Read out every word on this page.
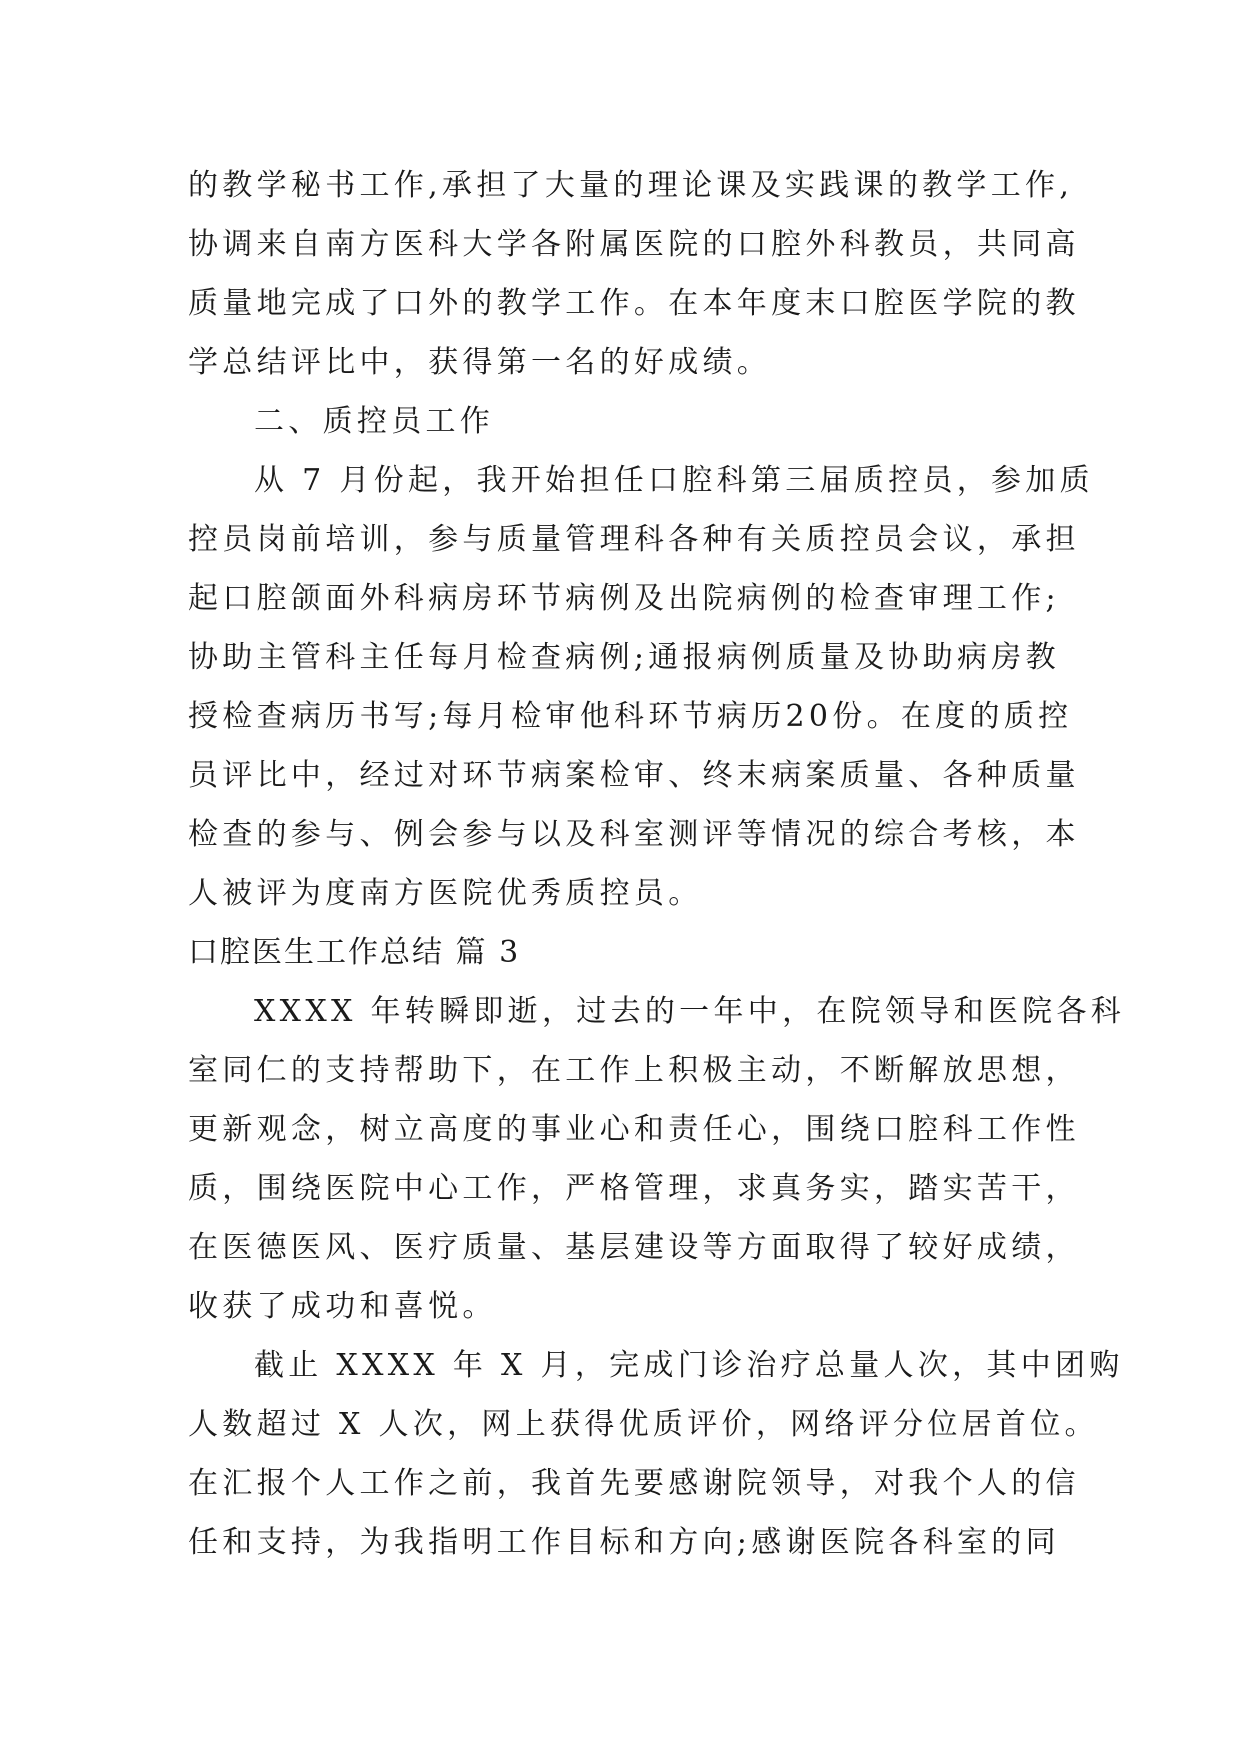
的教学秘书工作,承担了大量的理论课及实践课的教学工作,
协调来自南方医科大学各附属医院的口腔外科教员，共同高
质量地完成了口外的教学工作。在本年度末口腔医学院的教
学总结评比中，获得第一名的好成绩。
二、质控员工作
从 7 月份起，我开始担任口腔科第三届质控员，参加质
控员岗前培训，参与质量管理科各种有关质控员会议，承担
起口腔颌面外科病房环节病例及出院病例的检查审理工作;
协助主管科主任每月检查病例;通报病例质量及协助病房教
授检查病历书写;每月检审他科环节病历20份。在度的质控
员评比中，经过对环节病案检审、终末病案质量、各种质量
检查的参与、例会参与以及科室测评等情况的综合考核，本
人被评为度南方医院优秀质控员。
口腔医生工作总结 篇 3
XXXX 年转瞬即逝，过去的一年中，在院领导和医院各科
室同仁的支持帮助下，在工作上积极主动，不断解放思想，
更新观念，树立高度的事业心和责任心，围绕口腔科工作性
质，围绕医院中心工作，严格管理，求真务实，踏实苦干，
在医德医风、医疗质量、基层建设等方面取得了较好成绩，
收获了成功和喜悦。
截止 XXXX 年 X 月，完成门诊治疗总量人次，其中团购
人数超过 X 人次，网上获得优质评价，网络评分位居首位。
在汇报个人工作之前，我首先要感谢院领导，对我个人的信
任和支持，为我指明工作目标和方向;感谢医院各科室的同
